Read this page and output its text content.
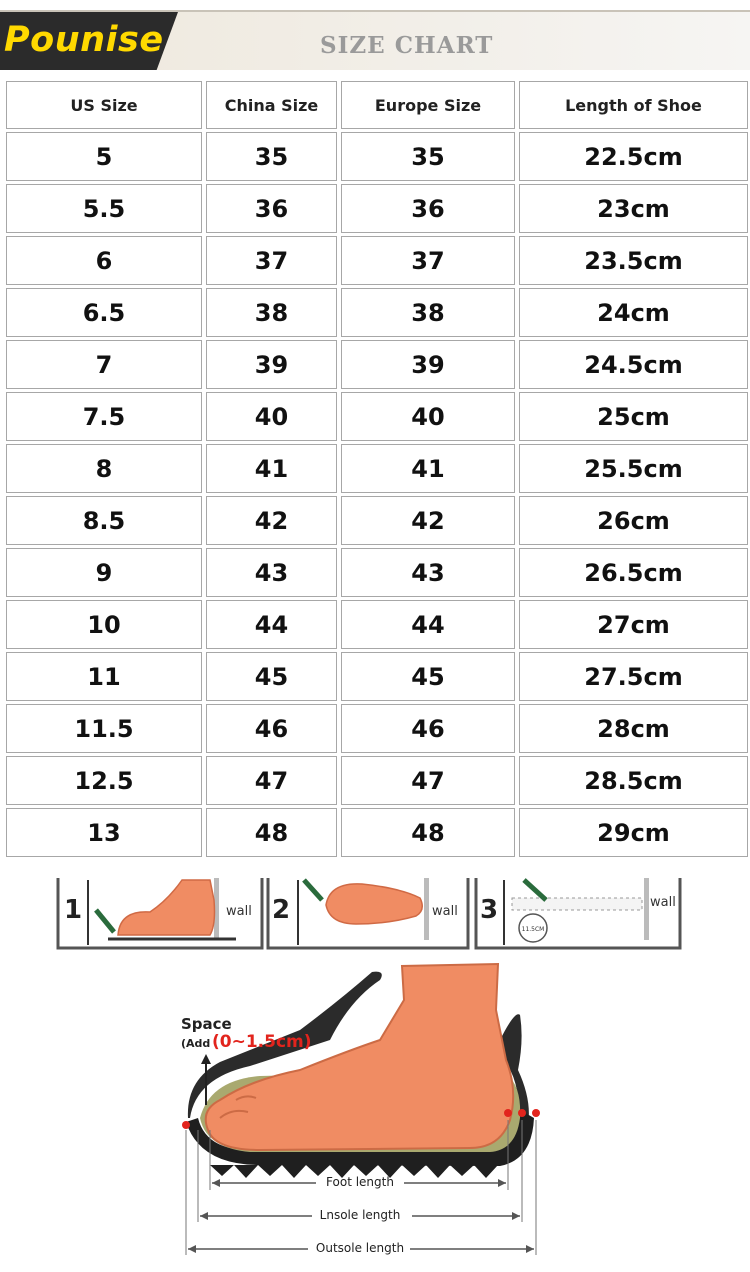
Pounise	SIZE CHART
US Size	China Size	Europe Size	Length of Shoe
5	35	35	22.5cm
5.5	36	36	23cm
6	37	37	23.5cm
6.5	38	38	24cm
7	39	39	24.5cm
7.5	40	40	25cm
8	41	41	25.5cm
8.5	42	42	26cm
9	43	43	26.5cm
10	44	44	27cm
11	45	45	27.5cm
11.5	46	46	28cm
12.5	47	47	28.5cm
13	48	48	29cm
1	wall 2	wall 3
11.5CM
wall
Space
(Add (0~1.5cm)
Foot length
Lnsole length
Outsole length
